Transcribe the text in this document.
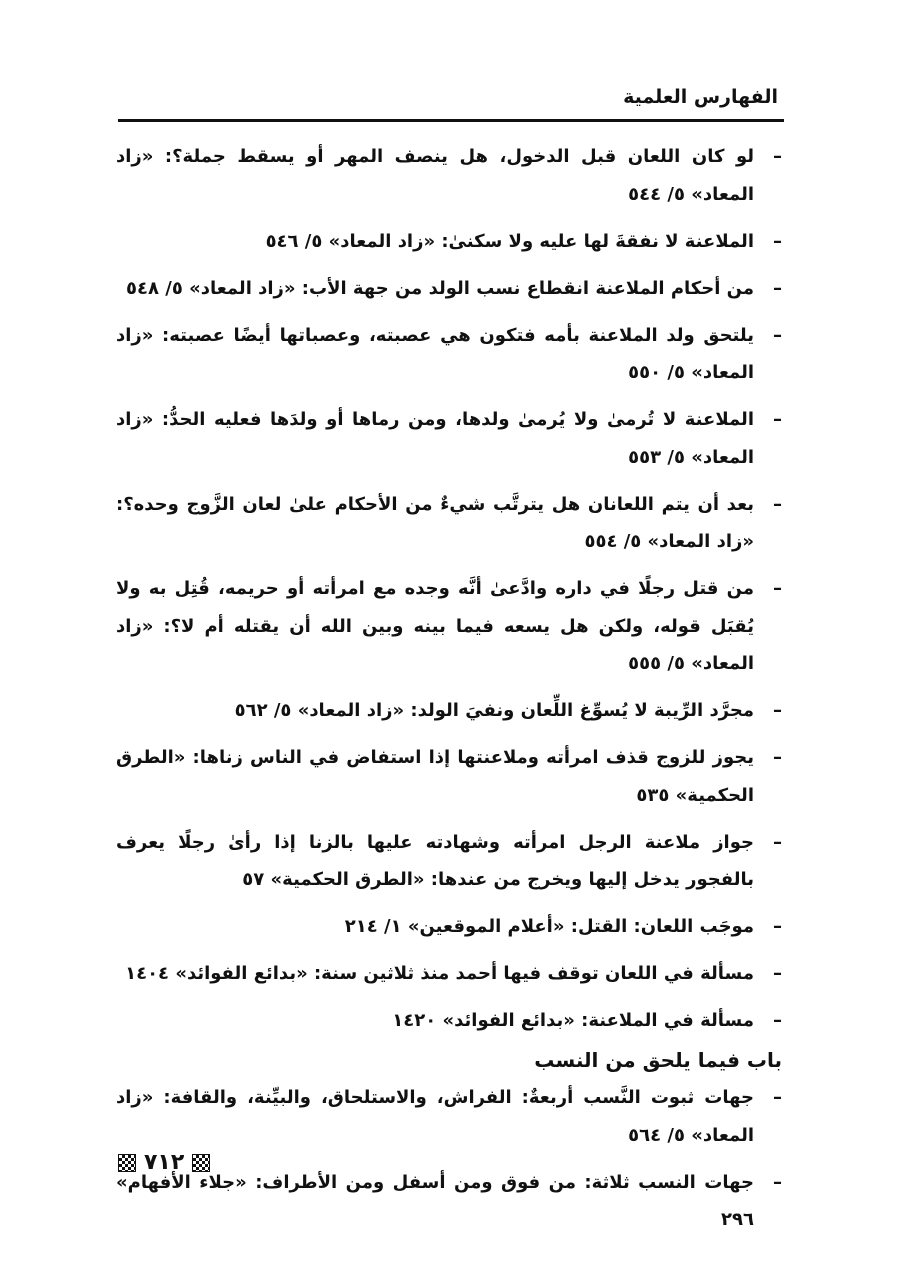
الفهارس العلمية
–
لو كان اللعان قبل الدخول، هل ينصف المهر أو يسقط جملة؟: «زاد المعاد» ٥/ ٥٤٤
–
الملاعنة لا نفقةَ لها عليه ولا سكنىٰ: «زاد المعاد» ٥/ ٥٤٦
–
من أحكام الملاعنة انقطاع نسب الولد من جهة الأب: «زاد المعاد» ٥/ ٥٤٨
–
يلتحق ولد الملاعنة بأمه فتكون هي عصبته، وعصباتها أيضًا عصبته: «زاد المعاد» ٥/ ٥٥٠
–
الملاعنة لا تُرمىٰ ولا يُرمىٰ ولدها، ومن رماها أو ولدَها فعليه الحدُّ: «زاد المعاد» ٥/ ٥٥٣
–
بعد أن يتم اللعانان هل يترتَّب شيءٌ من الأحكام علىٰ لعان الزَّوج وحده؟: «زاد المعاد» ٥/ ٥٥٤
–
من قتل رجلًا في داره وادَّعىٰ أنَّه وجده مع امرأته أو حريمه، قُتِل به ولا يُقبَل قوله، ولكن هل يسعه فيما بينه وبين الله أن يقتله أم لا؟: «زاد المعاد» ٥/ ٥٥٥
–
مجرَّد الرِّيبة لا يُسوِّغ اللِّعان ونفيَ الولد: «زاد المعاد» ٥/ ٥٦٢
–
يجوز للزوج قذف امرأته وملاعنتها إذا استفاض في الناس زناها: «الطرق الحكمية» ٥٣٥
–
جواز ملاعنة الرجل امرأته وشهادته عليها بالزنا إذا رأىٰ رجلًا يعرف بالفجور يدخل إليها ويخرج من عندها: «الطرق الحكمية» ٥٧
–
موجَب اللعان: القتل: «أعلام الموقعين» ١/ ٢١٤
–
مسألة في اللعان توقف فيها أحمد منذ ثلاثين سنة: «بدائع الفوائد» ١٤٠٤
–
مسألة في الملاعنة: «بدائع الفوائد» ١٤٢٠
باب فيما يلحق من النسب
–
جهات ثبوت النَّسب أربعةٌ: الفراش، والاستلحاق، والبيِّنة، والقافة: «زاد المعاد» ٥/ ٥٦٤
–
جهات النسب ثلاثة: من فوق ومن أسفل ومن الأطراف: «جلاء الأفهام» ٢٩٦
٧١٢
